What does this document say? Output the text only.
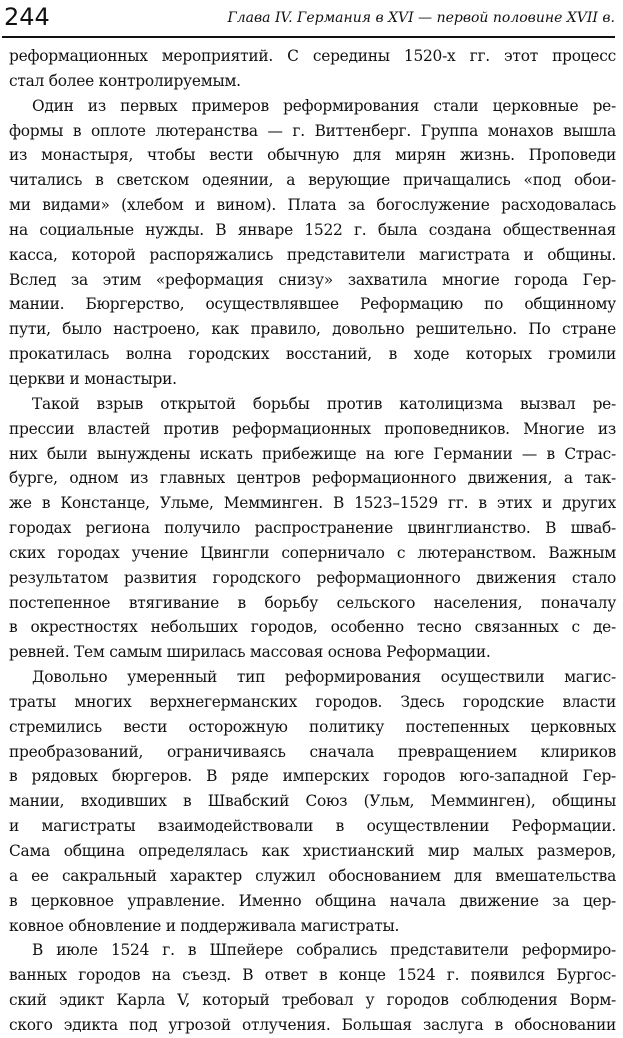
244	Глава IV. Германия в XVI — первой половине XVII в.
реформационных мероприятий. С середины 1520-х гг. этот процесс
стал более контролируемым.
Один из первых примеров реформирования стали церковные ре-
формы в оплоте лютеранства — г. Виттенберг. Группа монахов вышла
из монастыря, чтобы вести обычную для мирян жизнь. Проповеди
читались в светском одеянии, а верующие причащались «под обои-
ми видами» (хлебом и вином). Плата за богослужение расходовалась
на социальные нужды. В январе 1522 г. была создана общественная
касса, которой распоряжались представители магистрата и общины.
Вслед за этим «реформация снизу» захватила многие города Гер-
мании. Бюргерство, осуществлявшее Реформацию по общинному
пути, было настроено, как правило, довольно решительно. По стране
прокатилась волна городских восстаний, в ходе которых громили
церкви и монастыри.
Такой взрыв открытой борьбы против католицизма вызвал ре-
прессии властей против реформационных проповедников. Многие из
них были вынуждены искать прибежище на юге Германии — в Страс-
бурге, одном из главных центров реформационного движения, а так-
же в Констанце, Ульме, Мемминген. В 1523–1529 гг. в этих и других
городах региона получило распространение цвинглианство. В шваб-
ских городах учение Цвингли соперничало с лютеранством. Важным
результатом развития городского реформационного движения стало
постепенное втягивание в борьбу сельского населения, поначалу
в окрестностях небольших городов, особенно тесно связанных с де-
ревней. Тем самым ширилась массовая основа Реформации.
Довольно умеренный тип реформирования осуществили магис-
траты многих верхнегерманских городов. Здесь городские власти
стремились вести осторожную политику постепенных церковных
преобразований, ограничиваясь сначала превращением клириков
в рядовых бюргеров. В ряде имперских городов юго-западной Гер-
мании, входивших в Швабский Союз (Ульм, Мемминген), общины
и магистраты взаимодействовали в осуществлении Реформации.
Сама община определялась как христианский мир малых размеров,
а ее сакральный характер служил обоснованием для вмешательства
в церковное управление. Именно община начала движение за цер-
ковное обновление и поддерживала магистраты.
В июле 1524 г. в Шпейере собрались представители реформиро-
ванных городов на съезд. В ответ в конце 1524 г. появился Бургос-
ский эдикт Карла V, который требовал у городов соблюдения Ворм-
ского эдикта под угрозой отлучения. Большая заслуга в обосновании
